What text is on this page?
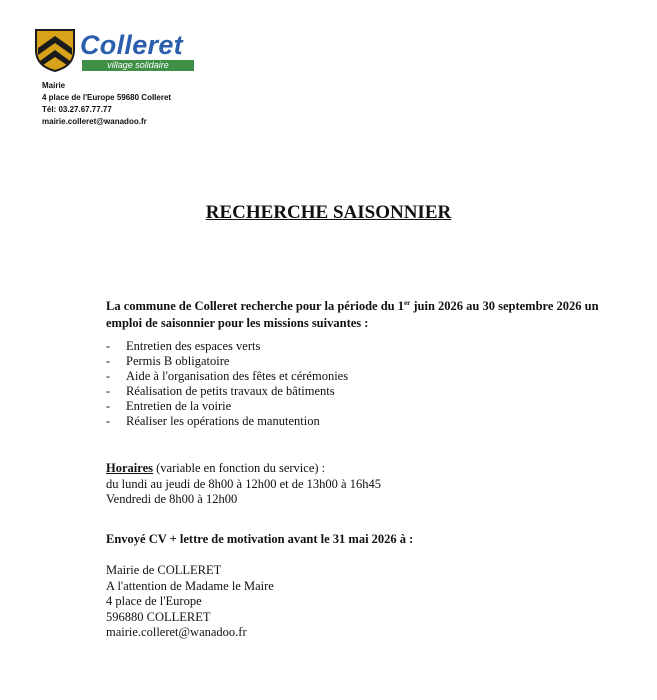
Colleret
village solidaire
Mairie
4 place de l'Europe 59680 Colleret
Tél: 03.27.67.77.77
mairie.colleret@wanadoo.fr
RECHERCHE SAISONNIER

La commune de Colleret recherche pour la période du 1er juin 2026 au 30 septembre 2026 un emploi de saisonnier pour les missions suivantes :

- Entretien des espaces verts
- Permis B obligatoire
- Aide à l'organisation des fêtes et cérémonies
- Réalisation de petits travaux de bâtiments
- Entretien de la voirie
- Réaliser les opérations de manutention
Horaires (variable en fonction du service) :
du lundi au jeudi de 8h00 à 12h00 et de 13h00 à 16h45
Vendredi de 8h00 à 12h00

Envoyé CV + lettre de motivation avant le 31 mai 2026 à :

Mairie de COLLERET
A l'attention de Madame le Maire
4 place de l'Europe
596880 COLLERET
mairie.colleret@wanadoo.fr
